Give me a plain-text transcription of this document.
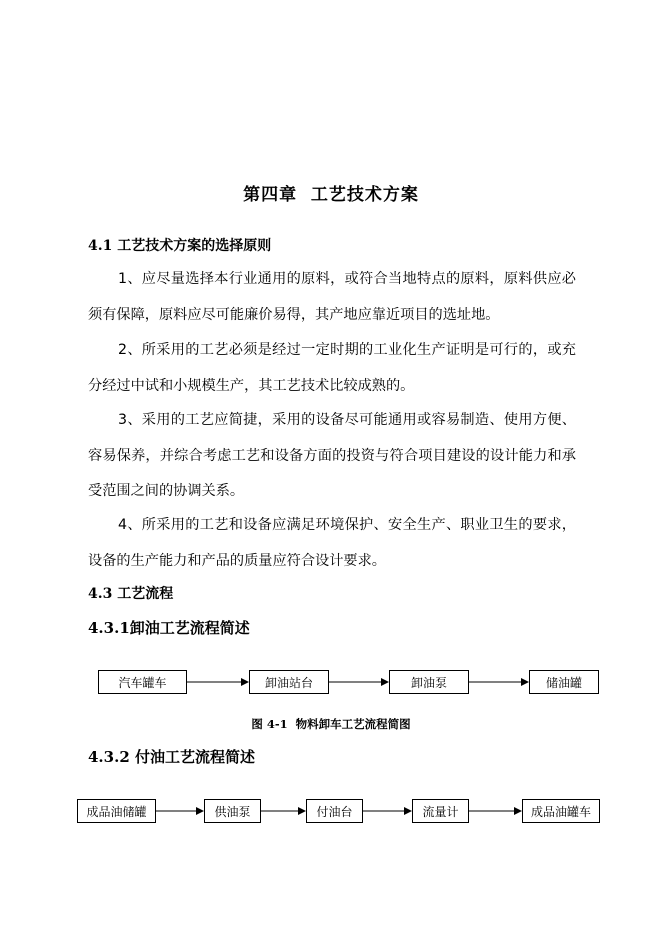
第四章  工艺技术方案
4.1 工艺技术方案的选择原则
1、应尽量选择本行业通用的原料，或符合当地特点的原料，原料供应必须有保障，原料应尽可能廉价易得，其产地应靠近项目的选址地。
2、所采用的工艺必须是经过一定时期的工业化生产证明是可行的，或充分经过中试和小规模生产，其工艺技术比较成熟的。
3、采用的工艺应简捷，采用的设备尽可能通用或容易制造、使用方便、容易保养，并综合考虑工艺和设备方面的投资与符合项目建设的设计能力和承受范围之间的协调关系。
4、所采用的工艺和设备应满足环境保护、安全生产、职业卫生的要求，设备的生产能力和产品的质量应符合设计要求。
4.3 工艺流程
4.3.1卸油工艺流程简述
汽车罐车	卸油站台	卸油泵	储油罐
图 4-1  物料卸车工艺流程简图
4.3.2 付油工艺流程简述
成品油储罐	供油泵	付油台	流量计	成品油罐车
